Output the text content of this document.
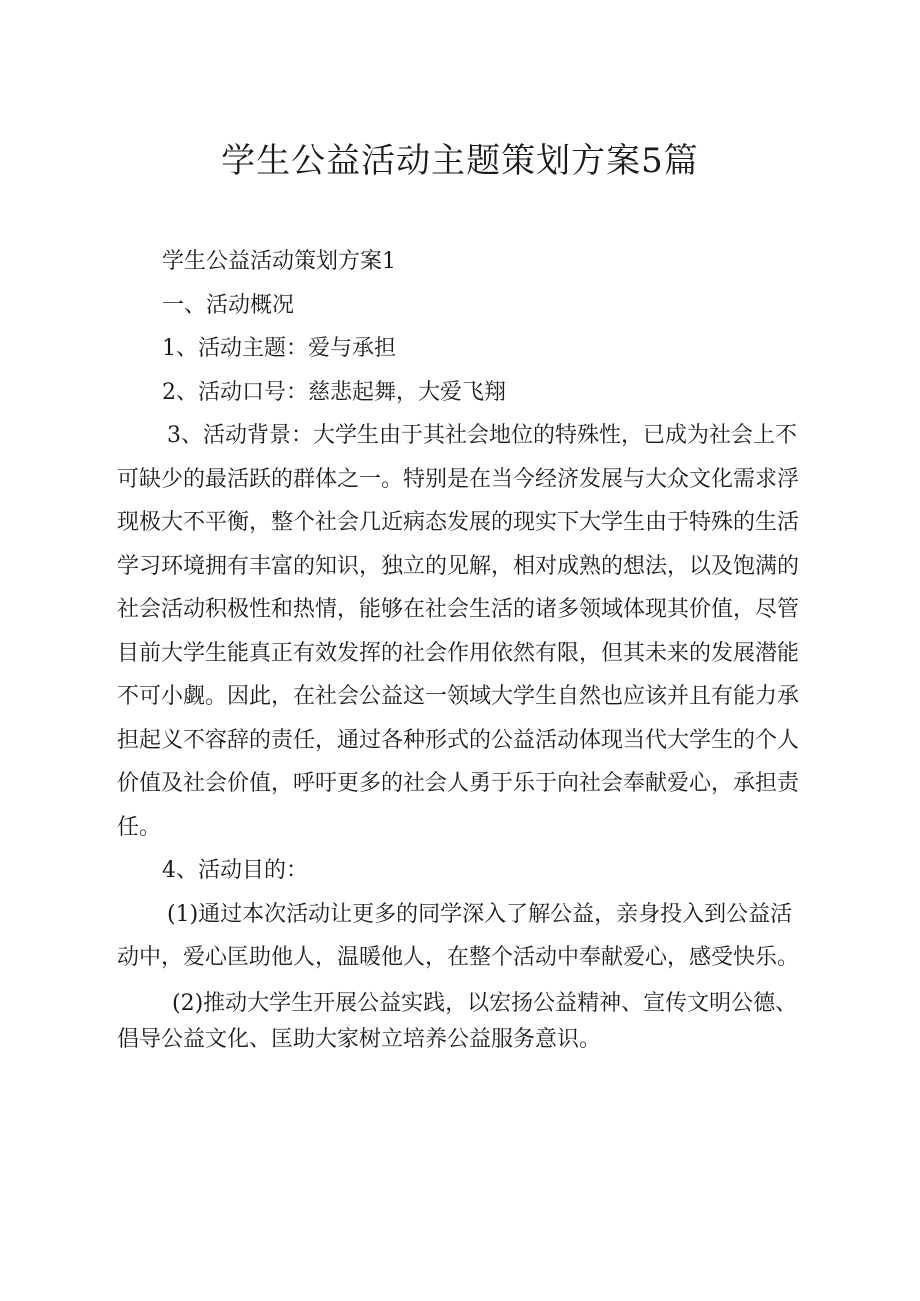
学生公益活动主题策划方案5篇

学生公益活动策划方案1

一、活动概况

1、活动主题：爱与承担

2、活动口号：慈悲起舞，大爱飞翔

3、活动背景：大学生由于其社会地位的特殊性，已成为社会上不可缺少的最活跃的群体之一。特别是在当今经济发展与大众文化需求浮现极大不平衡，整个社会几近病态发展的现实下大学生由于特殊的生活学习环境拥有丰富的知识，独立的见解，相对成熟的想法，以及饱满的社会活动积极性和热情，能够在社会生活的诸多领域体现其价值，尽管目前大学生能真正有效发挥的社会作用依然有限，但其未来的发展潜能不可小觑。因此，在社会公益这一领域大学生自然也应该并且有能力承担起义不容辞的责任，通过各种形式的公益活动体现当代大学生的个人价值及社会价值，呼吁更多的社会人勇于乐于向社会奉献爱心，承担责任。

4、活动目的：

(1)通过本次活动让更多的同学深入了解公益，亲身投入到公益活动中，爱心匡助他人，温暖他人，在整个活动中奉献爱心，感受快乐。

(2)推动大学生开展公益实践，以宏扬公益精神、宣传文明公德、倡导公益文化、匡助大家树立培养公益服务意识。
